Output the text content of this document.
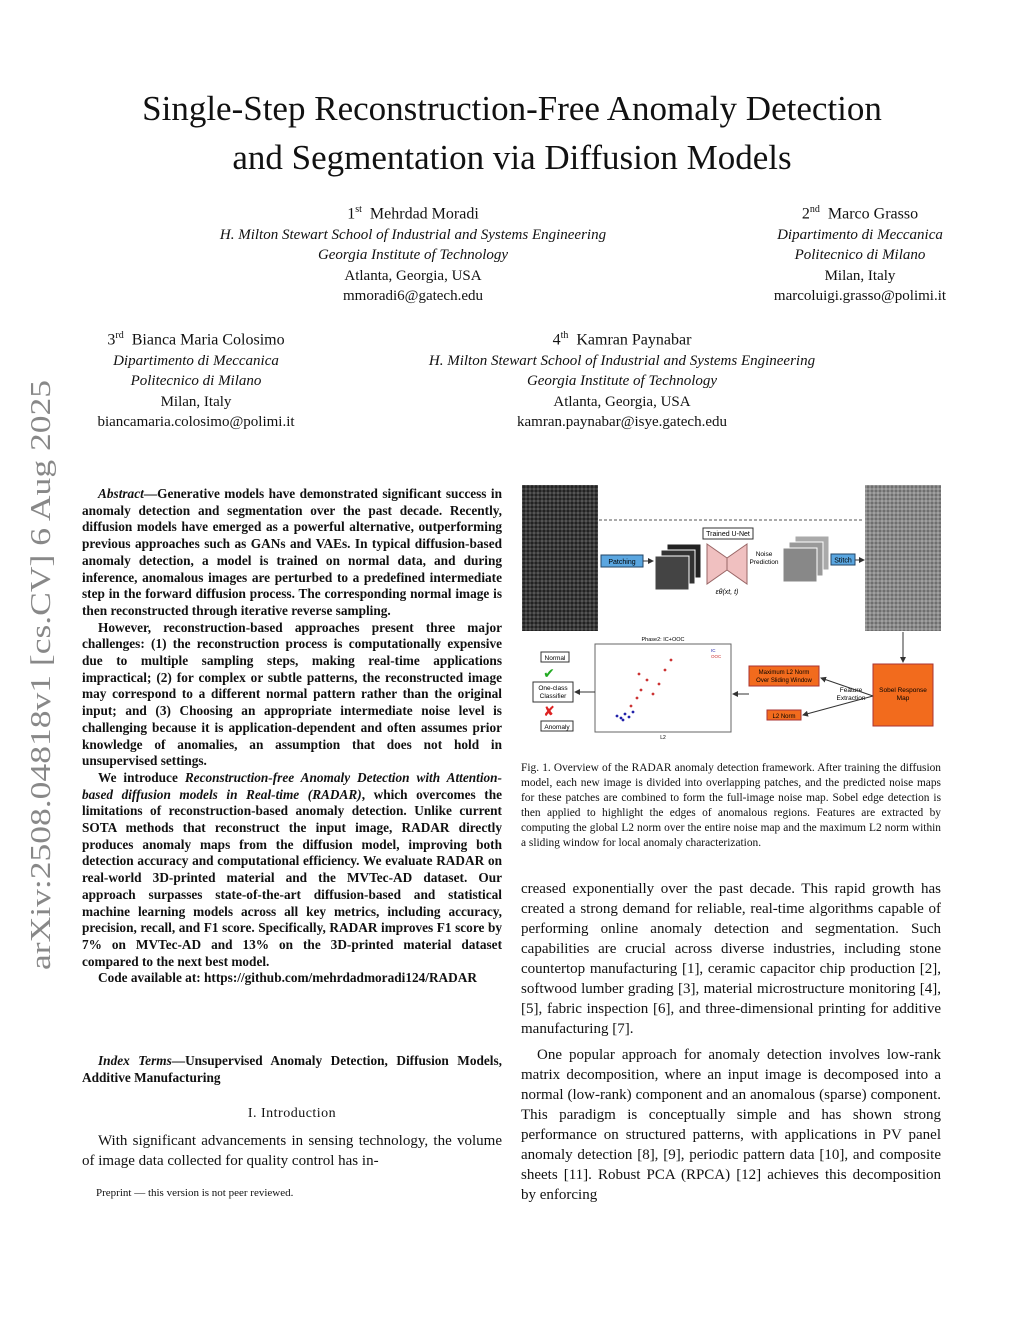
Single-Step Reconstruction-Free Anomaly Detection
and Segmentation via Diffusion Models
1st Mehrdad Moradi
H. Milton Stewart School of Industrial and Systems Engineering
Georgia Institute of Technology
Atlanta, Georgia, USA
mmoradi6@gatech.edu
2nd Marco Grasso
Dipartimento di Meccanica
Politecnico di Milano
Milan, Italy
marcoluigi.grasso@polimi.it
3rd Bianca Maria Colosimo
Dipartimento di Meccanica
Politecnico di Milano
Milan, Italy
biancamaria.colosimo@polimi.it
4th Kamran Paynabar
H. Milton Stewart School of Industrial and Systems Engineering
Georgia Institute of Technology
Atlanta, Georgia, USA
kamran.paynabar@isye.gatech.edu
arXiv:2508.04818v1 [cs.CV] 6 Aug 2025

Abstract—Generative models have demonstrated significant success in anomaly detection and segmentation over the past decade. Recently, diffusion models have emerged as a powerful alternative, outperforming previous approaches such as GANs and VAEs. In typical diffusion-based anomaly detection, a model is trained on normal data, and during inference, anomalous images are perturbed to a predefined intermediate step in the forward diffusion process. The corresponding normal image is then reconstructed through iterative reverse sampling.

However, reconstruction-based approaches present three major challenges: (1) the reconstruction process is computationally expensive due to multiple sampling steps, making real-time applications impractical; (2) for complex or subtle patterns, the reconstructed image may correspond to a different normal pattern rather than the original input; and (3) Choosing an appropriate intermediate noise level is challenging because it is application-dependent and often assumes prior knowledge of anomalies, an assumption that does not hold in unsupervised settings.

We introduce Reconstruction-free Anomaly Detection with Attention-based diffusion models in Real-time (RADAR), which overcomes the limitations of reconstruction-based anomaly detection. Unlike current SOTA methods that reconstruct the input image, RADAR directly produces anomaly maps from the diffusion model, improving both detection accuracy and computational efficiency. We evaluate RADAR on real-world 3D-printed material and the MVTec-AD dataset. Our approach surpasses state-of-the-art diffusion-based and statistical machine learning models across all key metrics, including accuracy, precision, recall, and F1 score. Specifically, RADAR improves F1 score by 7% on MVTec-AD and 13% on the 3D-printed material dataset compared to the next best model.

Code available at: https://github.com/mehrdadmoradi124/RADAR

Index Terms—Unsupervised Anomaly Detection, Diffusion Models, Additive Manufacturing

I. Introduction

With significant advancements in sensing technology, the volume of image data collected for quality control has in-

Preprint — this version is not peer reviewed.
Patching
Trained U-Net
εθ(xt, t)
Noise
Prediction	Stitch
Normal
✔
One-class
Classifier
✘
Anomaly
Phase2: IC+OOC
IC
OOC
L2
Maximum L2 Norm
Over Sliding Window
L2 Norm
Feature
Extraction
Sobel Response
Map
Fig. 1. Overview of the RADAR anomaly detection framework. After training the diffusion model, each new image is divided into overlapping patches, and the predicted noise maps for these patches are combined to form the full-image noise map. Sobel edge detection is then applied to highlight the edges of anomalous regions. Features are extracted by computing the global L2 norm over the entire noise map and the maximum L2 norm within a sliding window for local anomaly characterization.

creased exponentially over the past decade. This rapid growth has created a strong demand for reliable, real-time algorithms capable of performing online anomaly detection and segmentation. Such capabilities are crucial across diverse industries, including stone countertop manufacturing [1], ceramic capacitor chip production [2], softwood lumber grading [3], material microstructure monitoring [4], [5], fabric inspection [6], and three-dimensional printing for additive manufacturing [7].

One popular approach for anomaly detection involves low-rank matrix decomposition, where an input image is decomposed into a normal (low-rank) component and an anomalous (sparse) component. This paradigm is conceptually simple and has shown strong performance on structured patterns, with applications in PV panel anomaly detection [8], [9], periodic pattern data [10], and composite sheets [11]. Robust PCA (RPCA) [12] achieves this decomposition by enforcing
